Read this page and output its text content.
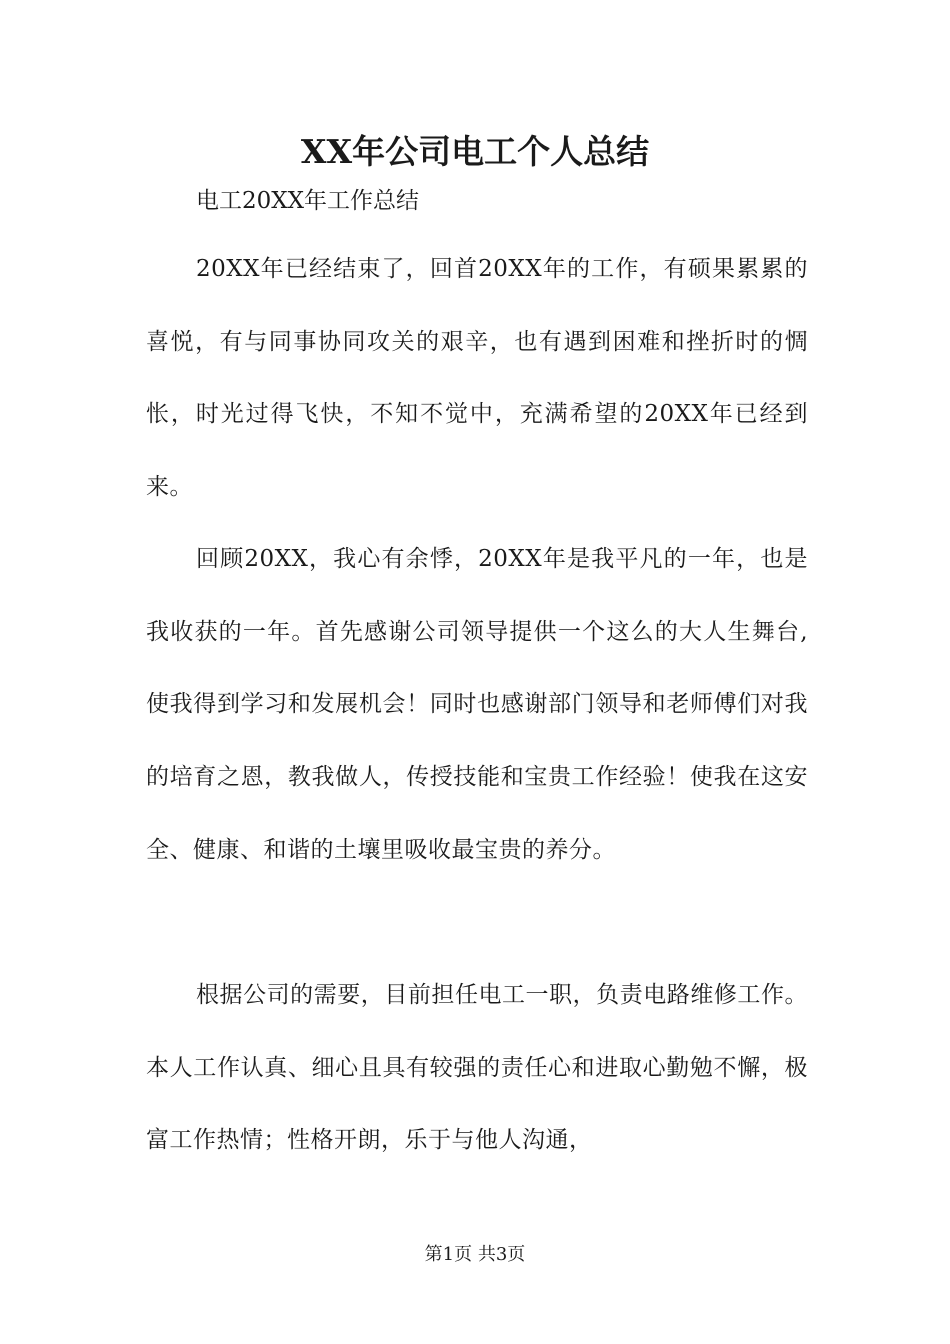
XX年公司电工个人总结

电工20XX年工作总结

20XX年已经结束了，回首20XX年的工作，有硕果累累的喜悦，有与同事协同攻关的艰辛，也有遇到困难和挫折时的惆怅，时光过得飞快，不知不觉中，充满希望的20XX年已经到来。

回顾20XX，我心有余悸，20XX年是我平凡的一年，也是我收获的一年。首先感谢公司领导提供一个这么的大人生舞台,使我得到学习和发展机会！同时也感谢部门领导和老师傅们对我的培育之恩，教我做人，传授技能和宝贵工作经验！使我在这安全、健康、和谐的土壤里吸收最宝贵的养分。

根据公司的需要，目前担任电工一职，负责电路维修工作。本人工作认真、细心且具有较强的责任心和进取心勤勉不懈，极富工作热情；性格开朗，乐于与他人沟通，

第1页 共3页
